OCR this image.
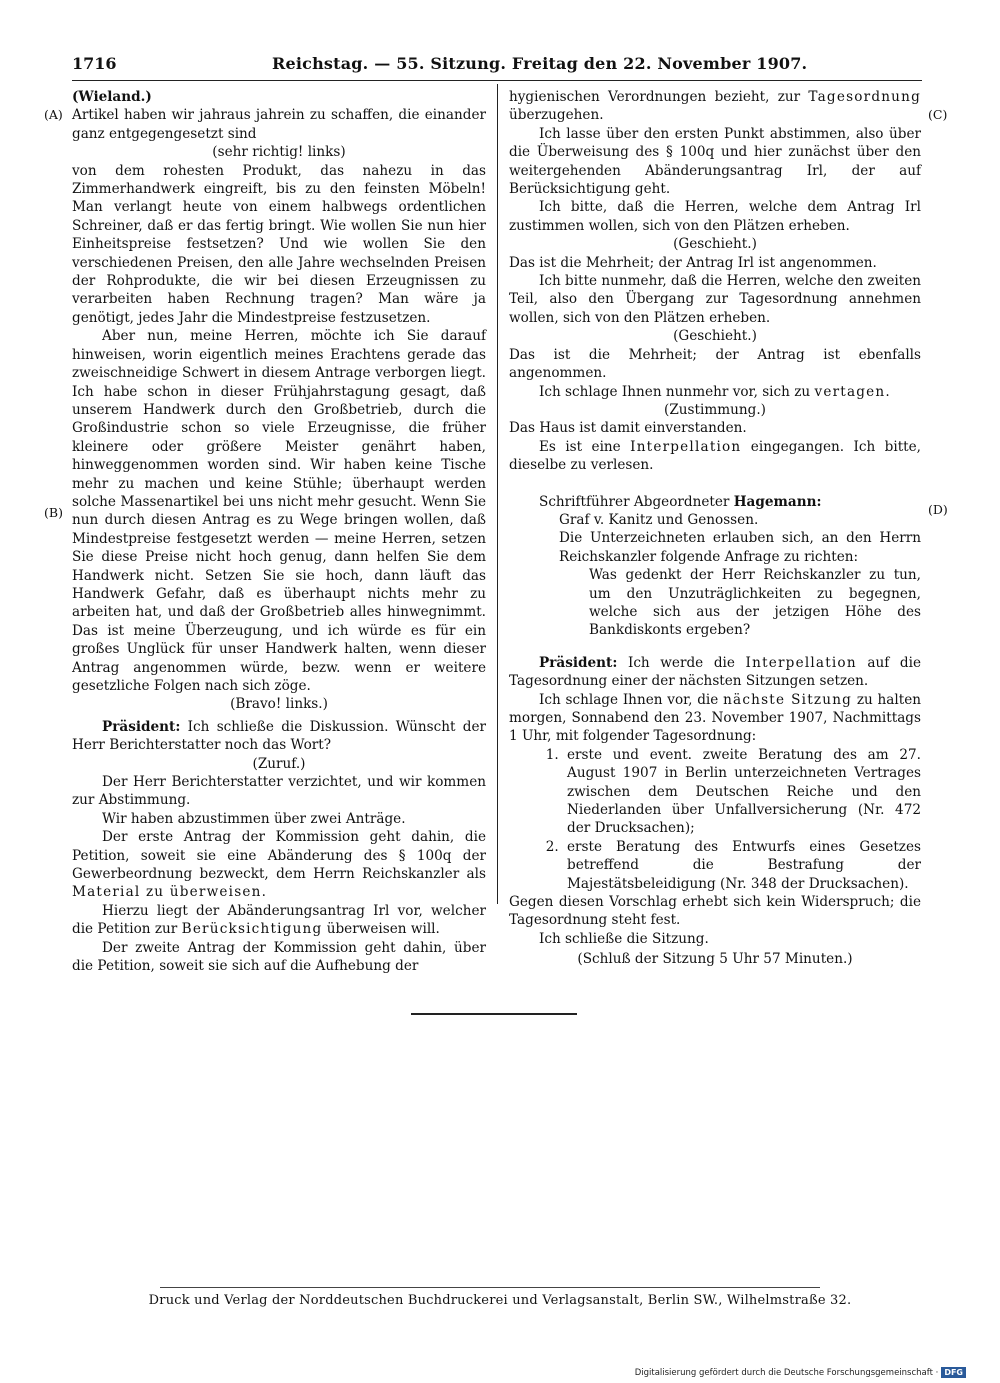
1716	Reichstag. — 55. Sitzung. Freitag den 22. November 1907.
(A)
(B)
(C)
(D)

(Wieland.)

Artikel haben wir jahraus jahrein zu schaffen, die einander ganz entgegengesetzt sind

(sehr richtig! links)

von dem rohesten Produkt, das nahezu in das Zimmerhandwerk eingreift, bis zu den feinsten Möbeln! Man verlangt heute von einem halbwegs ordentlichen Schreiner, daß er das fertig bringt. Wie wollen Sie nun hier Einheitspreise festsetzen? Und wie wollen Sie den verschiedenen Preisen, den alle Jahre wechselnden Preisen der Rohprodukte, die wir bei diesen Erzeugnissen zu verarbeiten haben Rechnung tragen? Man wäre ja genötigt, jedes Jahr die Mindestpreise festzusetzen.

Aber nun, meine Herren, möchte ich Sie darauf hinweisen, worin eigentlich meines Erachtens gerade das zweischneidige Schwert in diesem Antrage verborgen liegt. Ich habe schon in dieser Frühjahrstagung gesagt, daß unserem Handwerk durch den Großbetrieb, durch die Großindustrie schon so viele Erzeugnisse, die früher kleinere oder größere Meister genährt haben, hinweggenommen worden sind. Wir haben keine Tische mehr zu machen und keine Stühle; überhaupt werden solche Massenartikel bei uns nicht mehr gesucht. Wenn Sie nun durch diesen Antrag es zu Wege bringen wollen, daß Mindestpreise festgesetzt werden — meine Herren, setzen Sie diese Preise nicht hoch genug, dann helfen Sie dem Handwerk nicht. Setzen Sie sie hoch, dann läuft das Handwerk Gefahr, daß es überhaupt nichts mehr zu arbeiten hat, und daß der Großbetrieb alles hinwegnimmt. Das ist meine Überzeugung, und ich würde es für ein großes Unglück für unser Handwerk halten, wenn dieser Antrag angenommen würde, bezw. wenn er weitere gesetzliche Folgen nach sich zöge.

(Bravo! links.)

Präsident: Ich schließe die Diskussion. Wünscht der Herr Berichterstatter noch das Wort?

(Zuruf.)

Der Herr Berichterstatter verzichtet, und wir kommen zur Abstimmung.

Wir haben abzustimmen über zwei Anträge.

Der erste Antrag der Kommission geht dahin, die Petition, soweit sie eine Abänderung des § 100q der Gewerbeordnung bezweckt, dem Herrn Reichskanzler als Material zu überweisen.

Hierzu liegt der Abänderungsantrag Irl vor, welcher die Petition zur Berücksichtigung überweisen will.

Der zweite Antrag der Kommission geht dahin, über die Petition, soweit sie sich auf die Aufhebung der

hygienischen Verordnungen bezieht, zur Tagesordnung überzugehen.

Ich lasse über den ersten Punkt abstimmen, also über die Überweisung des § 100q und hier zunächst über den weitergehenden Abänderungsantrag Irl, der auf Berücksichtigung geht.

Ich bitte, daß die Herren, welche dem Antrag Irl zustimmen wollen, sich von den Plätzen erheben.

(Geschieht.)

Das ist die Mehrheit; der Antrag Irl ist angenommen.

Ich bitte nunmehr, daß die Herren, welche den zweiten Teil, also den Übergang zur Tagesordnung annehmen wollen, sich von den Plätzen erheben.

(Geschieht.)

Das ist die Mehrheit; der Antrag ist ebenfalls angenommen.

Ich schlage Ihnen nunmehr vor, sich zu vertagen.

(Zustimmung.)

Das Haus ist damit einverstanden.

Es ist eine Interpellation eingegangen. Ich bitte, dieselbe zu verlesen.

Schriftführer Abgeordneter Hagemann:

Graf v. Kanitz und Genossen.

Die Unterzeichneten erlauben sich, an den Herrn Reichskanzler folgende Anfrage zu richten:

Was gedenkt der Herr Reichskanzler zu tun, um den Unzuträglichkeiten zu begegnen, welche sich aus der jetzigen Höhe des Bankdiskonts ergeben?

Präsident: Ich werde die Interpellation auf die Tagesordnung einer der nächsten Sitzungen setzen.

Ich schlage Ihnen vor, die nächste Sitzung zu halten morgen, Sonnabend den 23. November 1907, Nachmittags 1 Uhr, mit folgender Tagesordnung:

1. erste und event. zweite Beratung des am 27. August 1907 in Berlin unterzeichneten Vertrages zwischen dem Deutschen Reiche und den Niederlanden über Unfallversicherung (Nr. 472 der Drucksachen);
2. erste Beratung des Entwurfs eines Gesetzes betreffend die Bestrafung der Majestätsbeleidigung (Nr. 348 der Drucksachen).

Gegen diesen Vorschlag erhebt sich kein Widerspruch; die Tagesordnung steht fest.

Ich schließe die Sitzung.

(Schluß der Sitzung 5 Uhr 57 Minuten.)

Druck und Verlag der Norddeutschen Buchdruckerei und Verlagsanstalt, Berlin SW., Wilhelmstraße 32.
Digitalisierung gefördert durch die Deutsche Forschungsgemeinschaft · DFG
